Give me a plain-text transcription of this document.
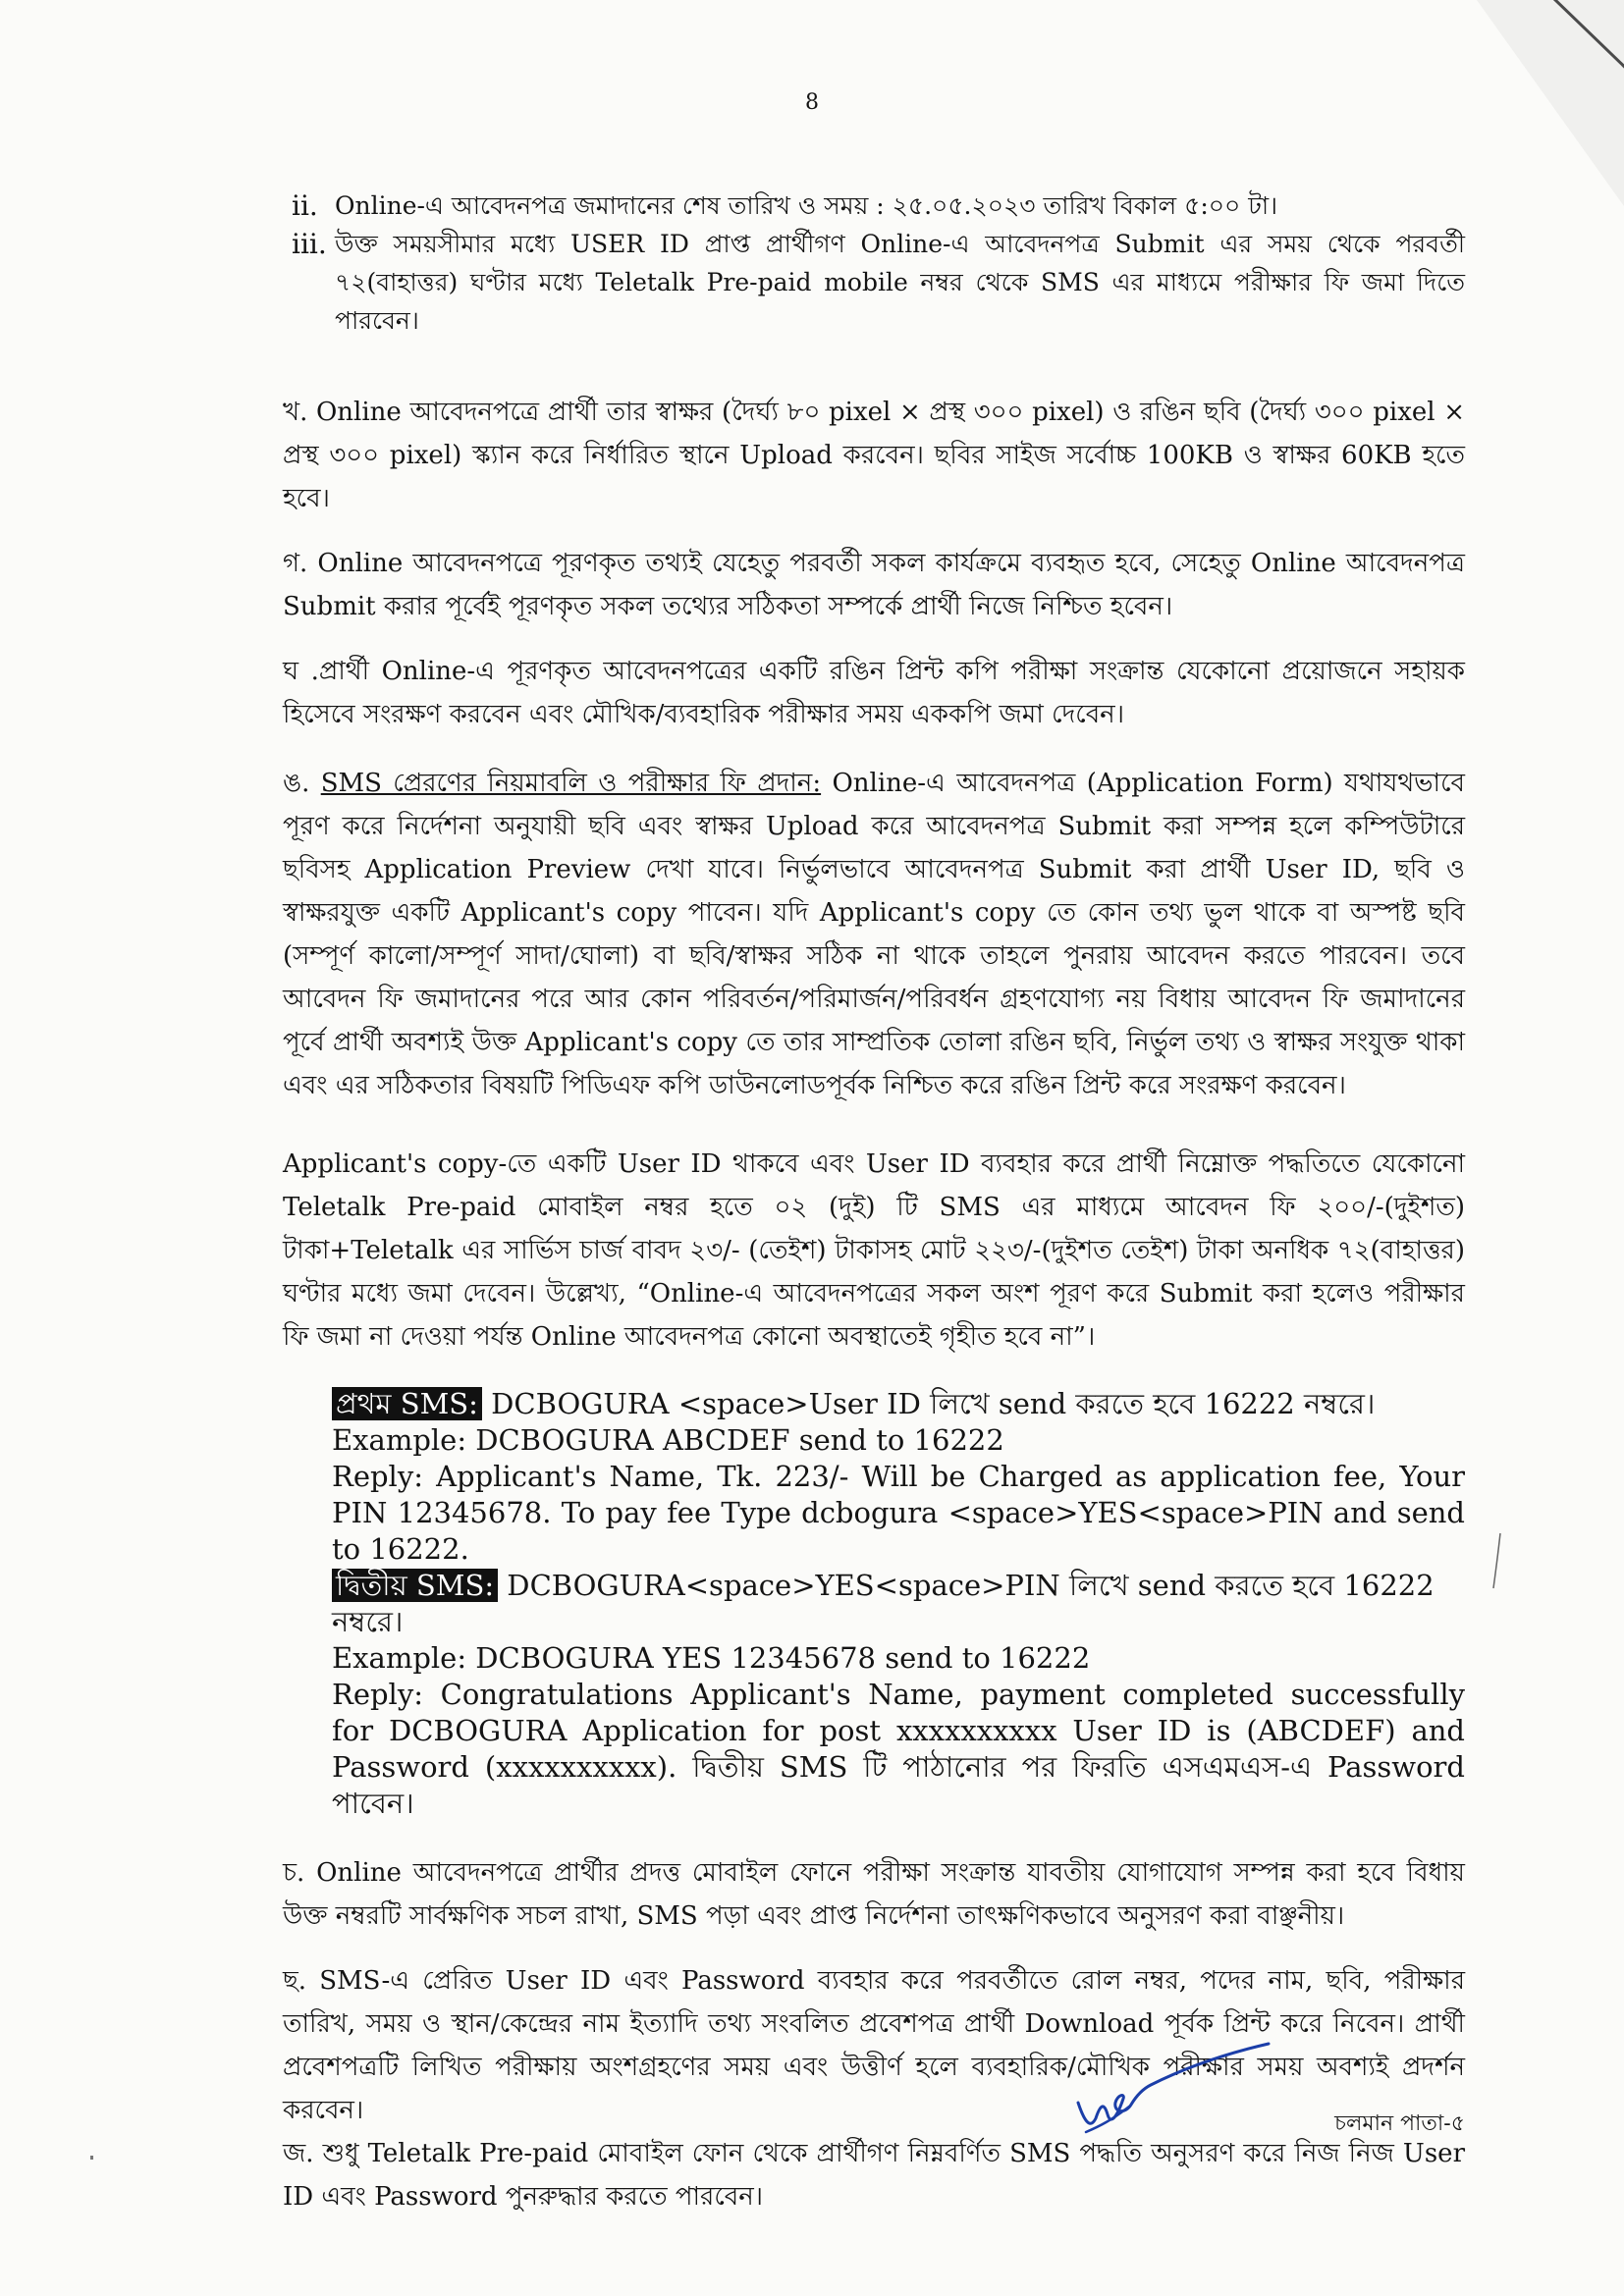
8
ii. Online-এ আবেদনপত্র জমাদানের শেষ তারিখ ও সময় : ২৫.০৫.২০২৩ তারিখ বিকাল ৫:০০ টা।
iii. উক্ত সময়সীমার মধ্যে USER ID প্রাপ্ত প্রার্থীগণ Online-এ আবেদনপত্র Submit এর সময় থেকে পরবর্তী ৭২(বাহাত্তর) ঘণ্টার মধ্যে Teletalk Pre-paid mobile নম্বর থেকে SMS এর মাধ্যমে পরীক্ষার ফি জমা দিতে পারবেন।

খ. Online আবেদনপত্রে প্রার্থী তার স্বাক্ষর (দৈর্ঘ্য ৮০ pixel × প্রস্থ ৩০০ pixel) ও রঙিন ছবি (দৈর্ঘ্য ৩০০ pixel × প্রস্থ ৩০০ pixel) স্ক্যান করে নির্ধারিত স্থানে Upload করবেন। ছবির সাইজ সর্বোচ্চ 100KB ও স্বাক্ষর 60KB হতে হবে।

গ. Online আবেদনপত্রে পূরণকৃত তথ্যই যেহেতু পরবর্তী সকল কার্যক্রমে ব্যবহৃত হবে, সেহেতু Online আবেদনপত্র Submit করার পূর্বেই পূরণকৃত সকল তথ্যের সঠিকতা সম্পর্কে প্রার্থী নিজে নিশ্চিত হবেন।

ঘ .প্রার্থী Online-এ পূরণকৃত আবেদনপত্রের একটি রঙিন প্রিন্ট কপি পরীক্ষা সংক্রান্ত যেকোনো প্রয়োজনে সহায়ক হিসেবে সংরক্ষণ করবেন এবং মৌখিক/ব্যবহারিক পরীক্ষার সময় এককপি জমা দেবেন।

ঙ. SMS প্রেরণের নিয়মাবলি ও পরীক্ষার ফি প্রদান: Online-এ আবেদনপত্র (Application Form) যথাযথভাবে পূরণ করে নির্দেশনা অনুযায়ী ছবি এবং স্বাক্ষর Upload করে আবেদনপত্র Submit করা সম্পন্ন হলে কম্পিউটারে ছবিসহ Application Preview দেখা যাবে। নির্ভুলভাবে আবেদনপত্র Submit করা প্রার্থী User ID, ছবি ও স্বাক্ষরযুক্ত একটি Applicant's copy পাবেন। যদি Applicant's copy তে কোন তথ্য ভুল থাকে বা অস্পষ্ট ছবি (সম্পূর্ণ কালো/সম্পূর্ণ সাদা/ঘোলা) বা ছবি/স্বাক্ষর সঠিক না থাকে তাহলে পুনরায় আবেদন করতে পারবেন। তবে আবেদন ফি জমাদানের পরে আর কোন পরিবর্তন/পরিমার্জন/পরিবর্ধন গ্রহণযোগ্য নয় বিধায় আবেদন ফি জমাদানের পূর্বে প্রার্থী অবশ্যই উক্ত Applicant's copy তে তার সাম্প্রতিক তোলা রঙিন ছবি, নির্ভুল তথ্য ও স্বাক্ষর সংযুক্ত থাকা এবং এর সঠিকতার বিষয়টি পিডিএফ কপি ডাউনলোডপূর্বক নিশ্চিত করে রঙিন প্রিন্ট করে সংরক্ষণ করবেন।

Applicant's copy-তে একটি User ID থাকবে এবং User ID ব্যবহার করে প্রার্থী নিম্নোক্ত পদ্ধতিতে যেকোনো Teletalk Pre-paid মোবাইল নম্বর হতে ০২ (দুই) টি SMS এর মাধ্যমে আবেদন ফি ২০০/-(দুইশত) টাকা+Teletalk এর সার্ভিস চার্জ বাবদ ২৩/- (তেইশ) টাকাসহ মোট ২২৩/-(দুইশত তেইশ) টাকা অনধিক ৭২(বাহাত্তর) ঘণ্টার মধ্যে জমা দেবেন। উল্লেখ্য, “Online-এ আবেদনপত্রের সকল অংশ পূরণ করে Submit করা হলেও পরীক্ষার ফি জমা না দেওয়া পর্যন্ত Online আবেদনপত্র কোনো অবস্থাতেই গৃহীত হবে না”।

প্রথম SMS: DCBOGURA <space>User ID লিখে send করতে হবে 16222 নম্বরে।

Example: DCBOGURA ABCDEF send to 16222

Reply: Applicant's Name, Tk. 223/- Will be Charged as application fee, Your PIN 12345678. To pay fee Type dcbogura <space>YES<space>PIN and send to 16222.

দ্বিতীয় SMS: DCBOGURA<space>YES<space>PIN লিখে send করতে হবে 16222 নম্বরে।

Example: DCBOGURA YES 12345678 send to 16222

Reply: Congratulations Applicant's Name, payment completed successfully for DCBOGURA Application for post xxxxxxxxxx User ID is (ABCDEF) and Password (xxxxxxxxxx). দ্বিতীয় SMS টি পাঠানোর পর ফিরতি এসএমএস-এ Password পাবেন।

চ. Online আবেদনপত্রে প্রার্থীর প্রদত্ত মোবাইল ফোনে পরীক্ষা সংক্রান্ত যাবতীয় যোগাযোগ সম্পন্ন করা হবে বিধায় উক্ত নম্বরটি সার্বক্ষণিক সচল রাখা, SMS পড়া এবং প্রাপ্ত নির্দেশনা তাৎক্ষণিকভাবে অনুসরণ করা বাঞ্ছনীয়।

ছ. SMS-এ প্রেরিত User ID এবং Password ব্যবহার করে পরবর্তীতে রোল নম্বর, পদের নাম, ছবি, পরীক্ষার তারিখ, সময় ও স্থান/কেন্দ্রের নাম ইত্যাদি তথ্য সংবলিত প্রবেশপত্র প্রার্থী Download পূর্বক প্রিন্ট করে নিবেন। প্রার্থী প্রবেশপত্রটি লিখিত পরীক্ষায় অংশগ্রহণের সময় এবং উত্তীর্ণ হলে ব্যবহারিক/মৌখিক পরীক্ষার সময় অবশ্যই প্রদর্শন করবেন।

জ. শুধু Teletalk Pre-paid মোবাইল ফোন থেকে প্রার্থীগণ নিম্নবর্ণিত SMS পদ্ধতি অনুসরণ করে নিজ নিজ User ID এবং Password পুনরুদ্ধার করতে পারবেন।

চলমান পাতা-৫
